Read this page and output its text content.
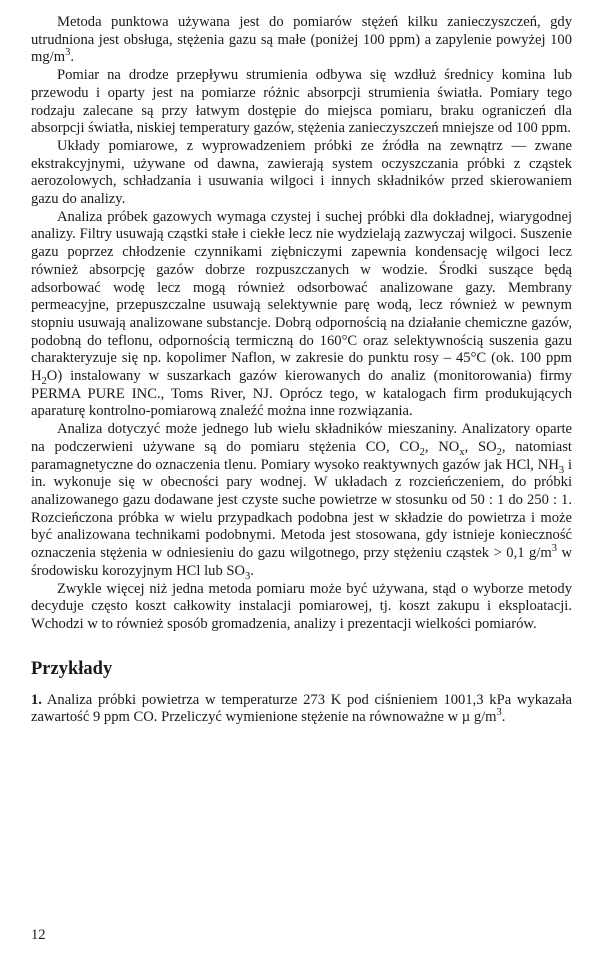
Metoda punktowa używana jest do pomiarów stężeń kilku zanieczyszczeń, gdy utrudniona jest obsługa, stężenia gazu są małe (poniżej 100 ppm) a zapylenie powyżej 100 $mg/m^3$.

Pomiar na drodze przepływu strumienia odbywa się wzdłuż średnicy komina lub przewodu i oparty jest na pomiarze różnic absorpcji strumienia światła. Pomiary tego rodzaju zalecane są przy łatwym dostępie do miejsca pomiaru, braku ograniczeń dla absorpcji światła, niskiej temperatury gazów, stężenia zanieczyszczeń mniejsze od 100 ppm.

Układy pomiarowe, z wyprowadzeniem próbki ze źródła na zewnątrz — zwane ekstrakcyjnymi, używane od dawna, zawierają system oczyszczania próbki z cząstek aerozolowych, schładzania i usuwania wilgoci i innych składników przed skierowaniem gazu do analizy.

Analiza próbek gazowych wymaga czystej i suchej próbki dla dokładnej, wiarygodnej analizy. Filtry usuwają cząstki stałe i ciekłe lecz nie wydzielają zazwyczaj wilgoci. Suszenie gazu poprzez chłodzenie czynnikami ziębniczymi zapewnia kondensację wilgoci lecz również absorpcję gazów dobrze rozpuszczanych w wodzie. Środki suszące będą adsorbować wodę lecz mogą również odsorbować analizowane gazy. Membrany permeacyjne, przepuszczalne usuwają selektywnie parę wodą, lecz również w pewnym stopniu usuwają analizowane substancje. Dobrą odpornością na działanie chemiczne gazów, podobną do teflonu, odpornością termiczną do 160°C oraz selektywnością suszenia gazu charakteryzuje się np. kopolimer Naflon, w zakresie do punktu rosy – 45°C (ok. 100 ppm $H_2O$) instalowany w suszarkach gazów kierowanych do analiz (monitorowania) firmy PERMA PURE INC., Toms River, NJ. Oprócz tego, w katalogach firm produkujących aparaturę kontrolno-pomiarową znaleźć można inne rozwiązania.

Analiza dotyczyć może jednego lub wielu składników mieszaniny. Analizatory oparte na podczerwieni używane są do pomiaru stężenia CO, $CO_2$, $NO_x$, $SO_2$, natomiast paramagnetyczne do oznaczenia tlenu. Pomiary wysoko reaktywnych gazów jak HCl, $NH_3$ i in. wykonuje się w obecności pary wodnej. W układach z rozcieńczeniem, do próbki analizowanego gazu dodawane jest czyste suche powietrze w stosunku od 50 : 1 do 250 : 1. Rozcieńczona próbka w wielu przypadkach podobna jest w składzie do powietrza i może być analizowana technikami podobnymi. Metoda jest stosowana, gdy istnieje konieczność oznaczenia stężenia w odniesieniu do gazu wilgotnego, przy stężeniu cząstek > 0,1 $g/m^3$ w środowisku korozyjnym HCl lub $SO_3$.

Zwykle więcej niż jedna metoda pomiaru może być używana, stąd o wyborze metody decyduje często koszt całkowity instalacji pomiarowej, tj. koszt zakupu i eksploatacji. Wchodzi w to również sposób gromadzenia, analizy i prezentacji wielkości pomiarów.

Przykłady

1. Analiza próbki powietrza w temperaturze 273 K pod ciśnieniem 1001,3 kPa wykazała zawartość 9 ppm CO. Przeliczyć wymienione stężenie na równoważne w µ $g/m^3$.

12
